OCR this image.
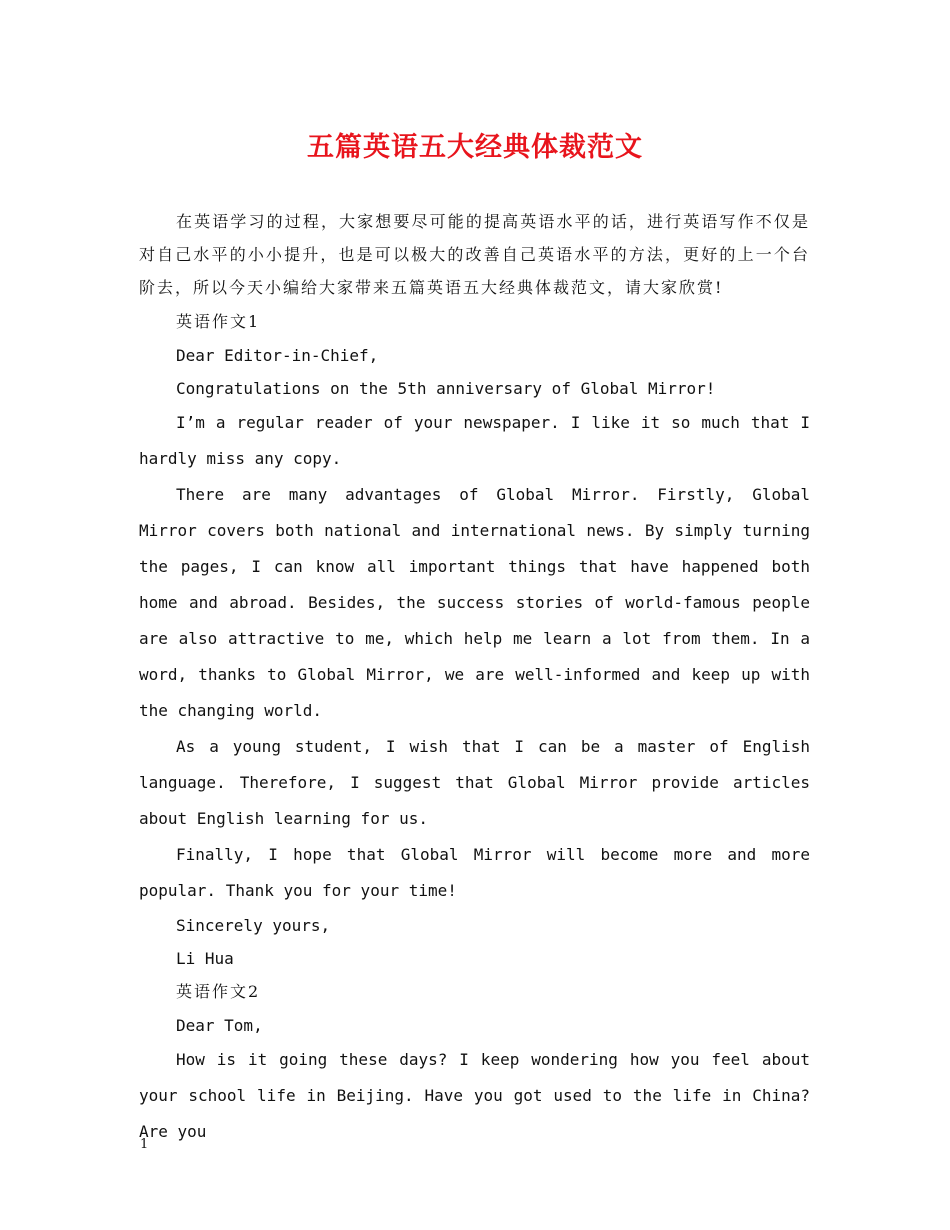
五篇英语五大经典体裁范文

在英语学习的过程，大家想要尽可能的提高英语水平的话，进行英语写作不仅是对自己水平的小小提升，也是可以极大的改善自己英语水平的方法，更好的上一个台阶去，所以今天小编给大家带来五篇英语五大经典体裁范文，请大家欣赏!

英语作文1

Dear Editor-in-Chief,

Congratulations on the 5th anniversary of Global Mirror!

I’m a regular reader of your newspaper. I like it so much that I hardly miss any copy.

There are many advantages of Global Mirror. Firstly, Global Mirror covers both national and international news. By simply turning the pages, I can know all important things that have happened both home and abroad. Besides, the success stories of world-famous people are also attractive to me, which help me learn a lot from them. In a word, thanks to Global Mirror, we are well-informed and keep up with the changing world.

As a young student, I wish that I can be a master of English language. Therefore, I suggest that Global Mirror provide articles about English learning for us.

Finally, I hope that Global Mirror will become more and more popular. Thank you for your time!

Sincerely yours,

Li Hua

英语作文2

Dear Tom,

How is it going these days? I keep wondering how you feel about your school life in Beijing. Have you got used to the life in China? Are you

1
